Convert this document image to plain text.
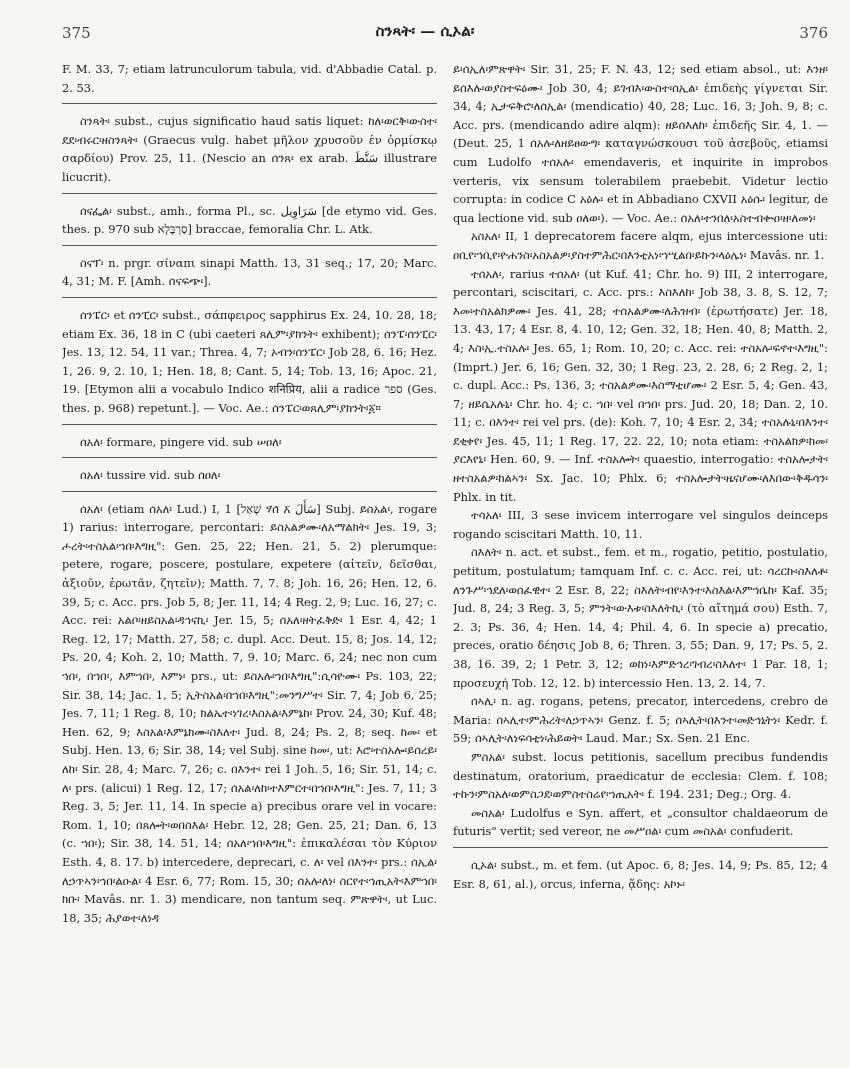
375	ስንጻት፡ — ሲኦል፡	376

F. M. 33, 7; etiam latrunculorum tabula, vid. d'Abbadie Catal. p. 2. 53.

ስንጻት፡ subst., cujus significatio haud satis liquet: ከለ፡ወርቅ፡ውስተ፡ደደ፡ብሩር፡ዘስንጻት፡ (Graecus vulg. habet μῆλον χρυσοῦν ἐν ὁρμίσκῳ σαρδίου) Prov. 25, 11. (Nescio an ሰንጸ፡ ex arab. سَنَّطَ illustrare licucrit).

ሰናፌል፡ subst., amh., forma Pl., sc. سَرَاوِيل [de etymo vid. Ges. thes. p. 970 sub סַרְבָּלָא] braccae, femoralia Chr. L. Atk.

ስናፕ፡ n. prgr. σίναπι sinapi Matth. 13, 31 seq.; 17, 20; Marc. 4, 31; M. F. [Amh. ሰናፍጭ፡].

ሰንፔር፡ et ሰንፒር፡ subst., σάπφειρος sapphirus Ex. 24, 10. 28, 18; etiam Ex. 36, 18 in C (ubi caeteri ጸሊም፡ያክንት፡ exhibent); ሰንፔ፡ሰንፒር፡ Jes. 13, 12. 54, 11 var.; Threa. 4, 7; ኦብን፡ሰንፔር፡ Job 28, 6. 16; Hez. 1, 26. 9, 2. 10, 1; Hen. 18, 8; Cant. 5, 14; Tob. 13, 16; Apoc. 21, 19. [Etymon alii a vocabulo Indico शनिप्रिय, alii a radice ספר (Ges. thes. p. 968) repetunt.]. — Voc. Ae.: ሰንፔር፡ወጸሊም፡ያክንት፡፩።

ሰአለ፡ formare, pingere vid. sub ሠዐለ፡

ሰአለ፡ tussire vid. sub ሰዐለ፡

ሰአለ፡ (etiam ሰአለ፡ Lud.) I, 1 [שָׁאַל ሃ̃ሰ̃ አ̃ سَأَلَ] Subj. ይስአል፡, rogare 1) rarius: interrogare, percontari: ይስአልዎሙ፡ለአማልክት፡ Jes. 19, 3; ሖረት፡ተስአል፡ኀበ፡እግዚ": Gen. 25, 22; Hen. 21, 5. 2) plerumque: petere, rogare, poscere, postulare, expetere (αἰτεῖν, δεῖσθαι, ἀξιοῦν, ἐρωτᾶν, ζητεῖν); Matth. 7, 7. 8; Joh. 16, 26; Hen. 12, 6. 39, 5; c. Acc. prs. Job 5, 8; Jer. 11, 14; 4 Reg. 2, 9; Luc. 16, 27; c. Acc. rei: አልቦ፡ዘይስአል፡ዳኅናኪ፡ Jer. 15, 5; ሰአለ፡ዘትፈቅድ፡ 1 Esr. 4, 42; 1 Reg. 12, 17; Matth. 27, 58; c. dupl. Acc. Deut. 15, 8; Jos. 14, 12; Ps. 20, 4; Koh. 2, 10; Matth. 7, 9. 10; Marc. 6, 24; nec non cum ኀበ፡, በኀበ፡, እምኀበ፡, እምነ፡ prs., ut: ይስአሉ፡ኀበ፡እግዚ":ሲሳዮሙ፡ Ps. 103, 22; Sir. 38, 14; Jac. 1, 5; ኢትስአል፡በኀበ፡እግዚ":መንግሥተ፡ Sir. 7, 4; Job 6, 25; Jes. 7, 11; 1 Reg. 8, 10; ክልኤተ፡ነገረ፡እስአል፡እምኔከ፡ Prov. 24, 30; Kuf. 48; Hen. 62, 9; እስአል፡እምኔክሙ፡ስእለተ፡ Jud. 8, 24; Ps. 2, 8; seq. ከመ፡ et Subj. Hen. 13, 6; Sir. 38, 14; vel Subj. sine ከመ፡, ut: እሮ፡ተስአሎ፡ይሰረይ፡ለከ፡ Sir. 28, 4; Marc. 7, 26; c. በእንተ፡ rei 1 Joh. 5, 16; Sir. 51, 14; c. ለ፡ prs. (alicui) 1 Reg. 12, 17; ሰአል፡ለከ፡ተእምርተ፡በኀበ፡እግዚ": Jes. 7, 11; 3 Reg. 3, 5; Jer. 11, 14. In specie a) precibus orare vel in vocare: Rom. 1, 10; በጸሎት፡ወበስእል፡ Hebr. 12, 28; Gen. 25, 21; Dan. 6, 13 (c. ኀበ፡); Sir. 38, 14. 51, 14; ሰአለ፡ኀበ፡እግዚ": ἐπικαλέσαι τὸν Κύριον Esth. 4, 8. 17. b) intercedere, deprecari, c. ለ፡ vel በእንተ፡ prs.: ሰኢል፡ለኃጥኣን፡ኀበ፡ልዑል፡ 4 Esr. 6, 77; Rom. 15, 30; ሰአሉ፡ለነ፡ ስርየተ፡ኀጢአት፡እምኀበ፡ክቡ፡ Mavâs. nr. 1. 3) mendicare, non tantum seq. ምጽዋት፡, ut Luc. 18, 35; ሕያወተ፡ለነዳ

ይ፡ሰኢለ፡ምጽዋት፡ Sir. 31, 25; F. N. 43, 12; sed etiam absol., ut: እንዘ፡ይሰእሉ፡ወያስተፍዕሙ፡ Job 30, 4; ይገብእ፡ውስተ፡ሰኢል፡ ἐπιδεὴς γίγνεται Sir. 34, 4; ኢታፍቅሮ፡ለሰኢል፡ (mendicatio) 40, 28; Luc. 16, 3; Joh. 9, 8; c. Acc. prs. (mendicando adire alqm): ዘይሰእለከ፡ ἐπιδεῆς Sir. 4, 1. — (Deut. 25, 1 ሰአሉ፡ለዘይፀውግ፡ καταγνώσκουσι τοῦ ἀσεβοῦς, etiamsi cum Ludolfo ተሰአሉ፡ emendaveris, et inquirite in improbos verteris, vix sensum tolerabilem praebebit. Videtur lectio corrupta: in codice C አዕሉ፡ et in Abbadiano CXVII አዕሱ፡ legitur, de qua lectione vid. sub ዐለወ፡). — Voc. Ae.: ሰአለ፡ተንበለ፡አስተብቍዐ፡ዘ፡ለመነ፡

አስአለ፡ II, 1 deprecatorem facere alqm, ejus intercessione uti: ዐቢየ፡ኀቢየ፡ዮሐንስ፡አስአልዎ፡ያስተምሕር፡በእንቲአነ፡ኀሢልበ፡ይኩን፡ላዕሌነ፡ Mavâs. nr. 1.

ተሰአለ፡, rarius ተሰአለ፡ (ut Kuf. 41; Chr. ho. 9) III, 2 interrogare, percontari, sciscitari, c. Acc. prs.: እስእለከ፡ Job 38, 3. 8, S. 12, 7; እመ፡ተስአልክዎሙ፡ Jes. 41, 28; ተሰአልዎሙ፡ለሕዝብ፡ (ἐρωτήσατε) Jer. 18, 13. 43, 17; 4 Esr. 8, 4. 10, 12; Gen. 32, 18; Hen. 40, 8; Matth. 2, 4; እስ፡ኢ.ተስአሉ፡ Jes. 65, 1; Rom. 10, 20; c. Acc. rei: ተስአሉ፡ፍኖተ፡እግዚ": (Imprt.) Jer. 6, 16; Gen. 32, 30; 1 Reg. 23, 2. 28, 6; 2 Reg. 2, 1; c. dupl. Acc.: Ps. 136, 3; ተስአልዎሙ፡እስማቲሆሙ፡ 2 Esr. 5, 4; Gen. 43, 7; ዘይሴአሉኒ፡ Chr. ho. 4; c. ኀበ፡ vel በኀበ፡ prs. Jud. 20, 18; Dan. 2, 10. 11; c. በእንተ፡ rei vel prs. (de): Koh. 7, 10; 4 Esr. 2, 34; ተስአሉኒ፡በእንተ፡ደቂቀየ፡ Jes. 45, 11; 1 Reg. 17, 22. 22, 10; nota etiam: ተስአልክዎ፡ከመ፡ያርእየኒ፡ Hen. 60, 9. — Inf. ተስአሎት፡ quaestio, interrogatio: ተስአሎታት፡ዘተስአልዎ፡ከልኣን፡ Sx. Jac. 10; Phlx. 6; ተስአሎታት፡ዜናሆሙ፡ለእበው፡ቅዱሳን፡ Phlx. in tit.

ተሳአለ፡ III, 3 sese invicem interrogare vel singulos deinceps rogando sciscitari Matth. 10, 11.

ስእለት፡ n. act. et subst., fem. et m., rogatio, petitio, postulatio, petitum, postulatum; tamquam Inf. c. c. Acc. rei, ut: ሳረርኩ፡ስእለቶ፡ለንጉሥ፡ኅደለ፡ወሰፈዊተ፡ 2 Esr. 8, 22; ስእለት፡ብየ፡እንተ፡እስእል፡እምኀቤከ፡ Kaf. 35; Jud. 8, 24; 3 Reg. 3, 5; ምንት፡ውእቱ፡ስእለትኪ፡ (τὸ αἴτημά σου) Esth. 7, 2. 3; Ps. 36, 4; Hen. 14, 4; Phil. 4, 6. In specie a) precatio, preces, oratio δέησις Job 8, 6; Thren. 3, 55; Dan. 9, 17; Ps. 5, 2. 38, 16. 39, 2; 1 Petr. 3, 12; ወከነ፡እምድኅረ፡ገብረ፡ስእለተ፡ 1 Par. 18, 1; προσευχή Tob. 12, 12. b) intercessio Hen. 13, 2. 14, 7.

ሰኣሊ፡ n. ag. rogans, petens, precator, intercedens, crebro de Maria: ሰኣሊተ፡ምሕረት፡ለኃጥኣን፡ Genz. f. 5; ሰኣሊት፡በእንተ፡መድኅኒትነ፡ Kedr. f. 59; ሰኣሊት፡ለነፍሳቲነ፡ሕይወት፡ Laud. Mar.; Sx. Sen. 21 Enc.

ምስአል፡ subst. locus petitionis, sacellum precibus fundendis destinatum, oratorium, praedicatur de ecclesia: Clem. f. 108; ተኩን፡ምስአለ፡ወምስጋደ፡ወምስተስሬየ፡ኀጢአት፡ f. 194. 231; Deg.; Org. 4.

መስአል፡ Ludolfus e Syn. affert, et „consultor chaldaeorum de futuris" vertit; sed vereor, ne መሥዐል፡ cum መስአል፡ confuderit.

ሲኦል፡ subst., m. et fem. (ut Apoc. 6, 8; Jes. 14, 9; Ps. 85, 12; 4 Esr. 8, 61, al.), orcus, inferna, ᾅδης: አኮኑ፡
